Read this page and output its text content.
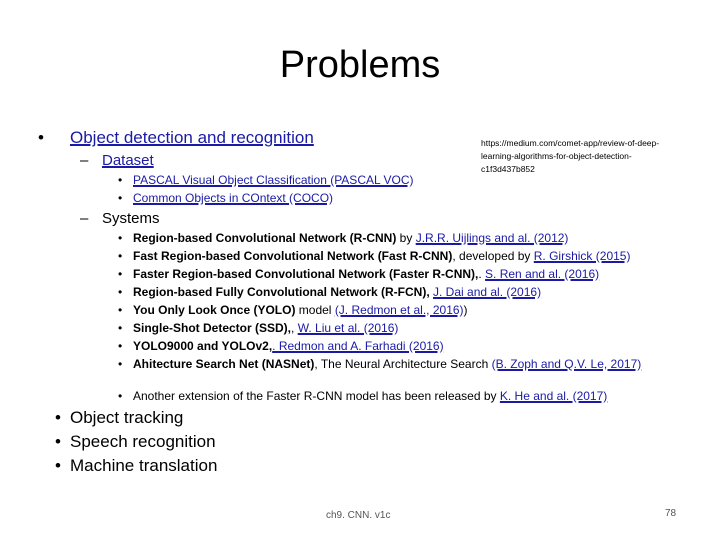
Problems
• Object detection and recognition	https://medium.com/comet-app/review-of-deep-learning-algorithms-for-object-detection-c1f3d437b852
– Dataset
• PASCAL Visual Object Classification (PASCAL VOC)
• Common Objects in COntext (COCO)
– Systems
• Region-based Convolutional Network (R-CNN) by J.R.R. Uijlings and al. (2012)
• Fast Region-based Convolutional Network (Fast R-CNN), developed by R. Girshick (2015)
• Faster Region-based Convolutional Network (Faster R-CNN),. S. Ren and al. (2016)
• Region-based Fully Convolutional Network (R-FCN), J. Dai and al. (2016)
• You Only Look Once (YOLO) model (J. Redmon et al., 2016))
• Single-Shot Detector (SSD),, W. Liu et al. (2016)
• YOLO9000 and YOLOv2,. Redmon and A. Farhadi (2016)
• Ahitecture Search Net (NASNet), The Neural Architecture Search (B. Zoph and Q.V. Le, 2017)
• Another extension of the Faster R-CNN model has been released by K. He and al. (2017)
• Object tracking
• Speech recognition
• Machine translation
ch9. CNN. v1c	78
